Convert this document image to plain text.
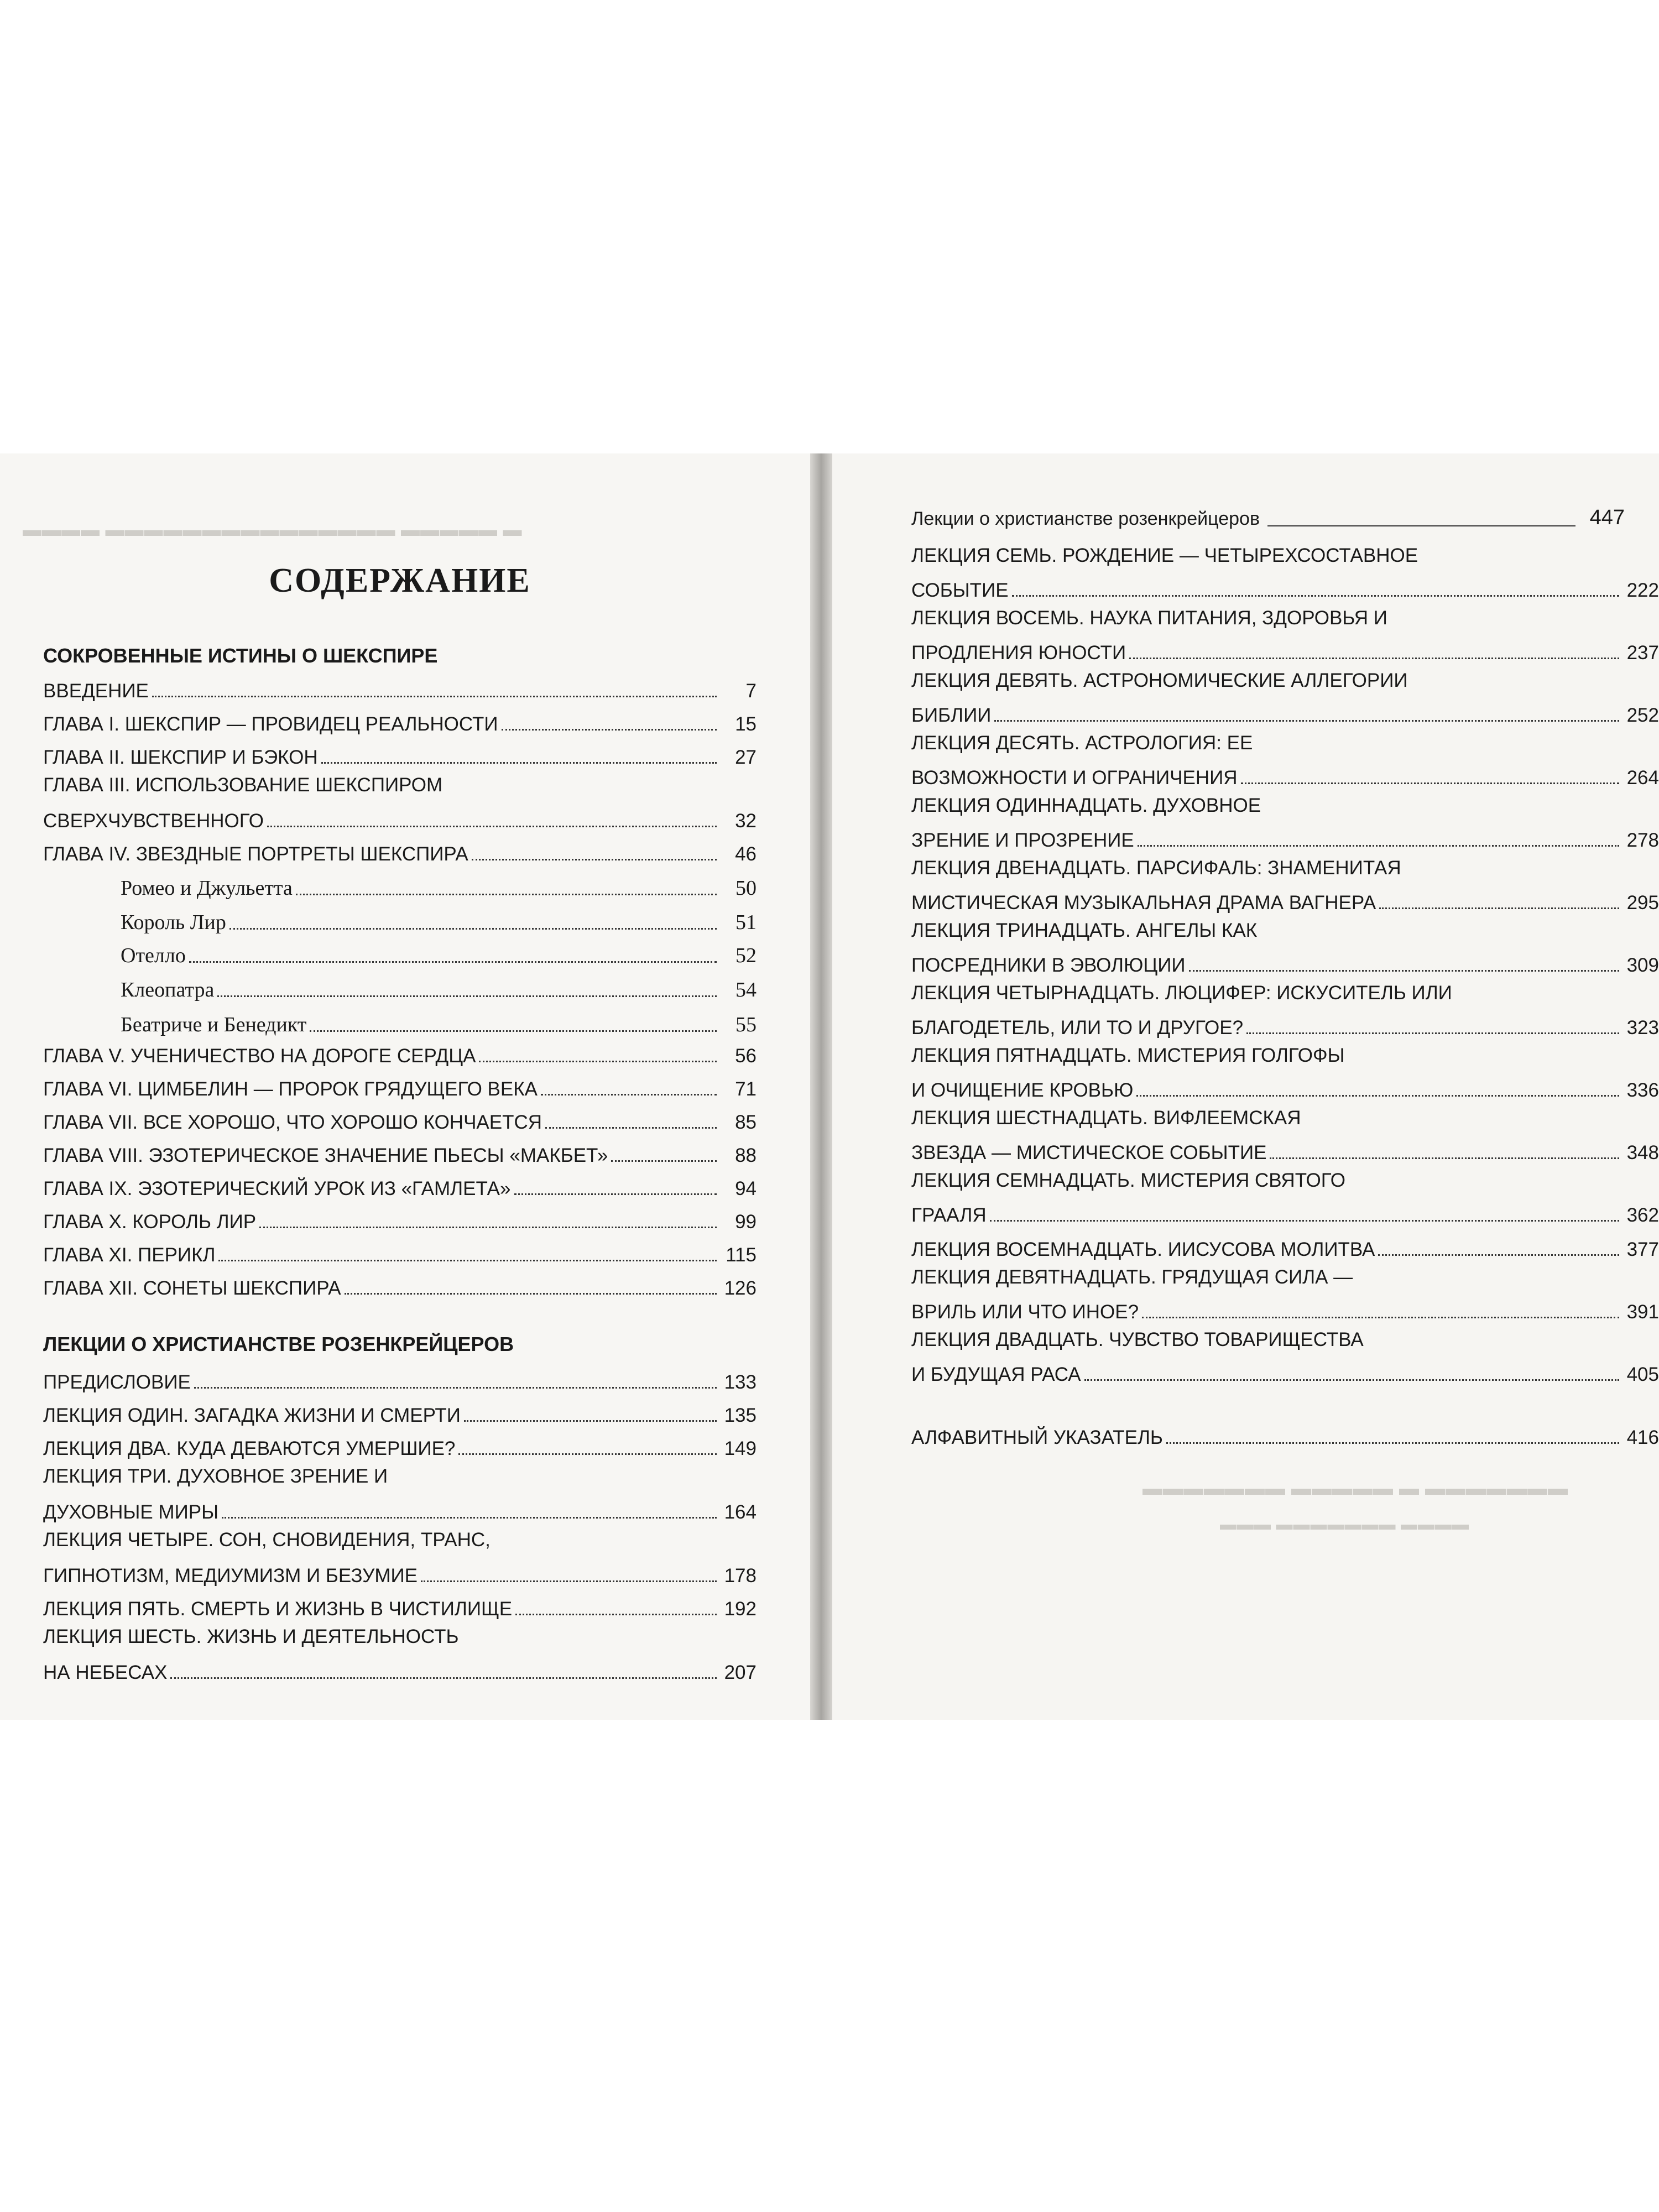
▬ ▬▬▬▬▬ ▬▬▬▬▬▬▬▬▬▬▬▬▬▬▬ ▬▬▬▬
СОДЕРЖАНИЕ
СОКРОВЕННЫЕ ИСТИНЫ О ШЕКСПИРЕ
ВВЕДЕНИЕ	7
ГЛАВА I. ШЕКСПИР — ПРОВИДЕЦ РЕАЛЬНОСТИ	15
ГЛАВА II. ШЕКСПИР И БЭКОН	27
ГЛАВА III. ИСПОЛЬЗОВАНИЕ ШЕКСПИРОМ
СВЕРХЧУВСТВЕННОГО	32
ГЛАВА IV. ЗВЕЗДНЫЕ ПОРТРЕТЫ ШЕКСПИРА	46
Ромео и Джульетта	50
Король Лир	51
Отелло	52
Клеопатра	54
Беатриче и Бенедикт	55
ГЛАВА V. УЧЕНИЧЕСТВО НА ДОРОГЕ СЕРДЦА	56
ГЛАВА VI. ЦИМБЕЛИН — ПРОРОК ГРЯДУЩЕГО ВЕКА	71
ГЛАВА VII. ВСЕ ХОРОШО, ЧТО ХОРОШО КОНЧАЕТСЯ	85
ГЛАВА VIII. ЭЗОТЕРИЧЕСКОЕ ЗНАЧЕНИЕ ПЬЕСЫ «МАКБЕТ»	88
ГЛАВА IX. ЭЗОТЕРИЧЕСКИЙ УРОК ИЗ «ГАМЛЕТА»	94
ГЛАВА X. КОРОЛЬ ЛИР	99
ГЛАВА XI. ПЕРИКЛ	115
ГЛАВА XII. СОНЕТЫ ШЕКСПИРА	126
ЛЕКЦИИ О ХРИСТИАНСТВЕ РОЗЕНКРЕЙЦЕРОВ
ПРЕДИСЛОВИЕ	133
ЛЕКЦИЯ ОДИН. ЗАГАДКА ЖИЗНИ И СМЕРТИ	135
ЛЕКЦИЯ ДВА. КУДА ДЕВАЮТСЯ УМЕРШИЕ?	149
ЛЕКЦИЯ ТРИ. ДУХОВНОЕ ЗРЕНИЕ И
ДУХОВНЫЕ МИРЫ	164
ЛЕКЦИЯ ЧЕТЫРЕ. СОН, СНОВИДЕНИЯ, ТРАНС,
ГИПНОТИЗМ, МЕДИУМИЗМ И БЕЗУМИЕ	178
ЛЕКЦИЯ ПЯТЬ. СМЕРТЬ И ЖИЗНЬ В ЧИСТИЛИЩЕ	192
ЛЕКЦИЯ ШЕСТЬ. ЖИЗНЬ И ДЕЯТЕЛЬНОСТЬ
НА НЕБЕСАХ	207
Лекции о христианстве розенкрейцеров	447
ЛЕКЦИЯ СЕМЬ. РОЖДЕНИЕ — ЧЕТЫРЕХСОСТАВНОЕ
СОБЫТИЕ	222
ЛЕКЦИЯ ВОСЕМЬ. НАУКА ПИТАНИЯ, ЗДОРОВЬЯ И
ПРОДЛЕНИЯ ЮНОСТИ	237
ЛЕКЦИЯ ДЕВЯТЬ. АСТРОНОМИЧЕСКИЕ АЛЛЕГОРИИ
БИБЛИИ	252
ЛЕКЦИЯ ДЕСЯТЬ. АСТРОЛОГИЯ: ЕЕ
ВОЗМОЖНОСТИ И ОГРАНИЧЕНИЯ	264
ЛЕКЦИЯ ОДИННАДЦАТЬ. ДУХОВНОЕ
ЗРЕНИЕ И ПРОЗРЕНИЕ	278
ЛЕКЦИЯ ДВЕНАДЦАТЬ. ПАРСИФАЛЬ: ЗНАМЕНИТАЯ
МИСТИЧЕСКАЯ МУЗЫКАЛЬНАЯ ДРАМА ВАГНЕРА	295
ЛЕКЦИЯ ТРИНАДЦАТЬ. АНГЕЛЫ КАК
ПОСРЕДНИКИ В ЭВОЛЮЦИИ	309
ЛЕКЦИЯ ЧЕТЫРНАДЦАТЬ. ЛЮЦИФЕР: ИСКУСИТЕЛЬ ИЛИ
БЛАГОДЕТЕЛЬ, ИЛИ ТО И ДРУГОЕ?	323
ЛЕКЦИЯ ПЯТНАДЦАТЬ. МИСТЕРИЯ ГОЛГОФЫ
И ОЧИЩЕНИЕ КРОВЬЮ	336
ЛЕКЦИЯ ШЕСТНАДЦАТЬ. ВИФЛЕЕМСКАЯ
ЗВЕЗДА — МИСТИЧЕСКОЕ СОБЫТИЕ	348
ЛЕКЦИЯ СЕМНАДЦАТЬ. МИСТЕРИЯ СВЯТОГО
ГРААЛЯ	362
ЛЕКЦИЯ ВОСЕМНАДЦАТЬ. ИИСУСОВА МОЛИТВА	377
ЛЕКЦИЯ ДЕВЯТНАДЦАТЬ. ГРЯДУЩАЯ СИЛА —
ВРИЛЬ ИЛИ ЧТО ИНОЕ?	391
ЛЕКЦИЯ ДВАДЦАТЬ. ЧУВСТВО ТОВАРИЩЕСТВА
И БУДУЩАЯ РАСА	405
АЛФАВИТНЫЙ УКАЗАТЕЛЬ	416
▬▬▬▬▬▬▬ ▬ ▬▬▬▬▬ ▬▬▬▬▬▬▬
▬▬▬▬ ▬▬▬▬▬▬▬ ▬▬▬
